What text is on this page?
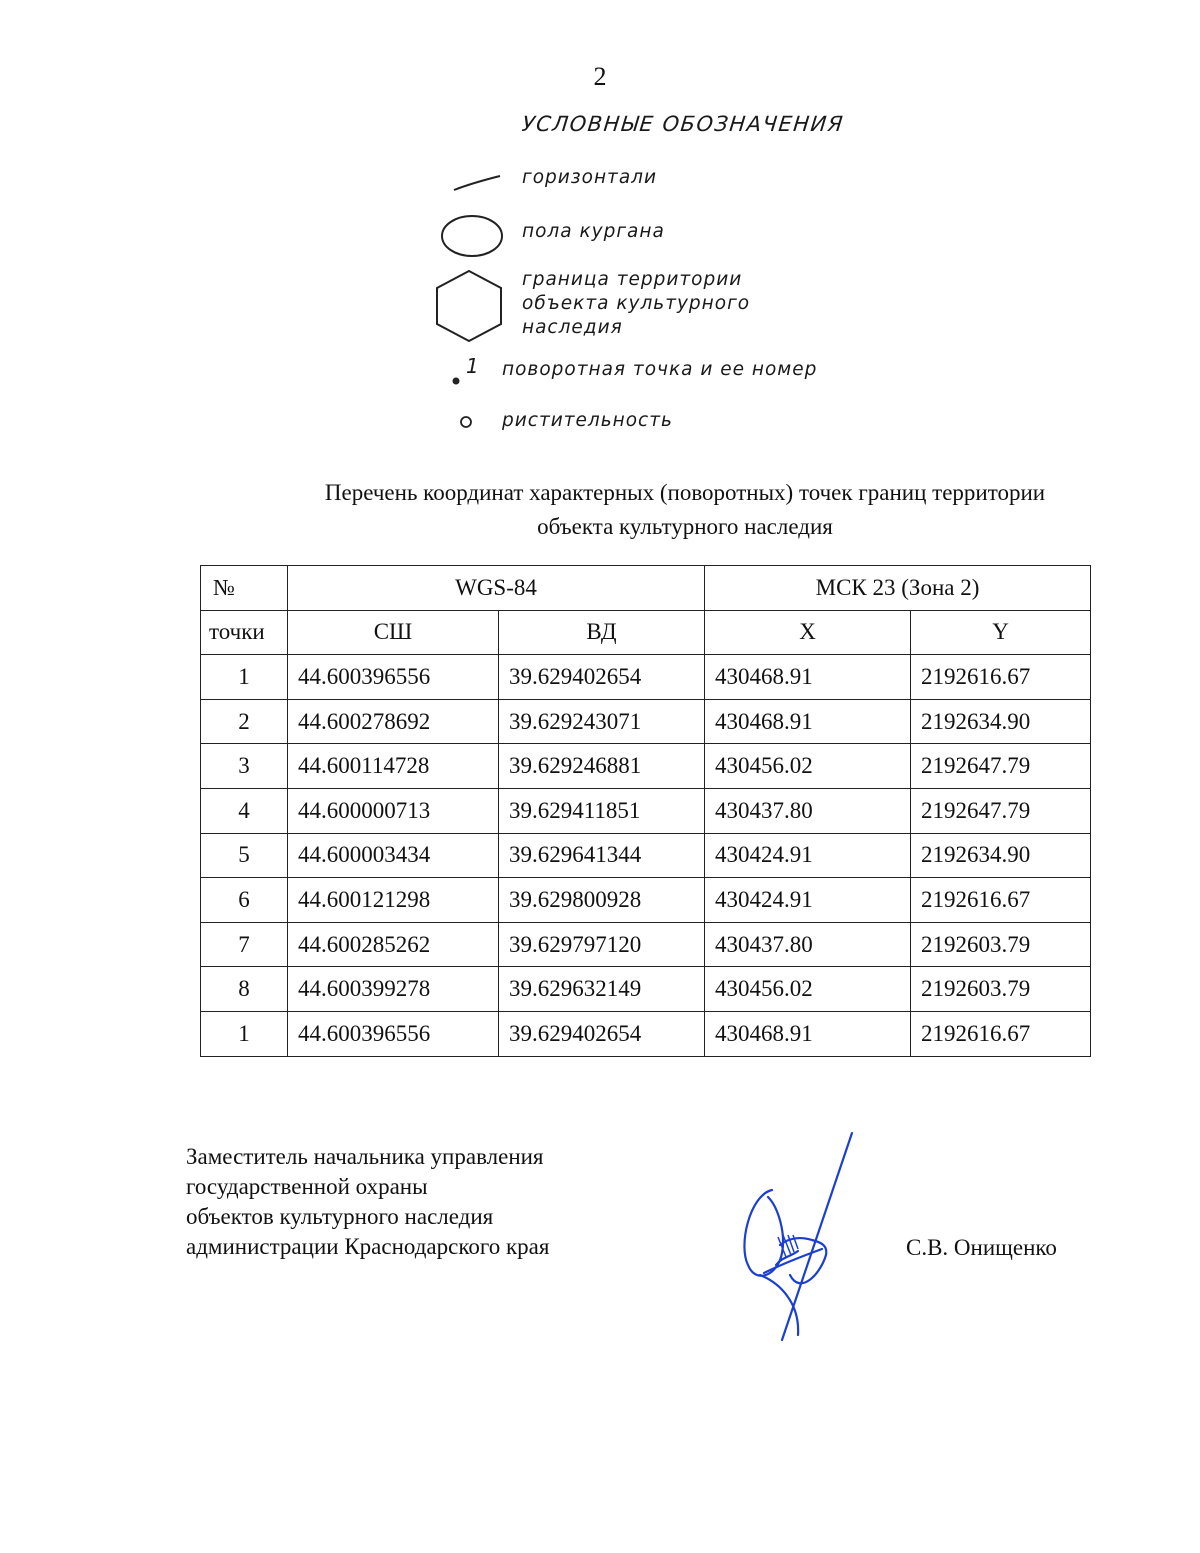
2
УСЛОВНЫЕ ОБОЗНАЧЕНИЯ
горизонтали
пола кургана
граница территории
объекта культурного
наследия
1 поворотная точка и ее номер
ристительность
Перечень координат характерных (поворотных) точек границ территории
объекта культурного наследия
№	WGS-84		МСК 23 (Зона 2)	
точки	СШ	ВД	X	Y
1	44.600396556	39.629402654	430468.91	2192616.67
2	44.600278692	39.629243071	430468.91	2192634.90
3	44.600114728	39.629246881	430456.02	2192647.79
4	44.600000713	39.629411851	430437.80	2192647.79
5	44.600003434	39.629641344	430424.91	2192634.90
6	44.600121298	39.629800928	430424.91	2192616.67
7	44.600285262	39.629797120	430437.80	2192603.79
8	44.600399278	39.629632149	430456.02	2192603.79
1	44.600396556	39.629402654	430468.91	2192616.67
Заместитель начальника управления
государственной охраны
объектов культурного наследия
администрации Краснодарского края	С.В. Онищенко
